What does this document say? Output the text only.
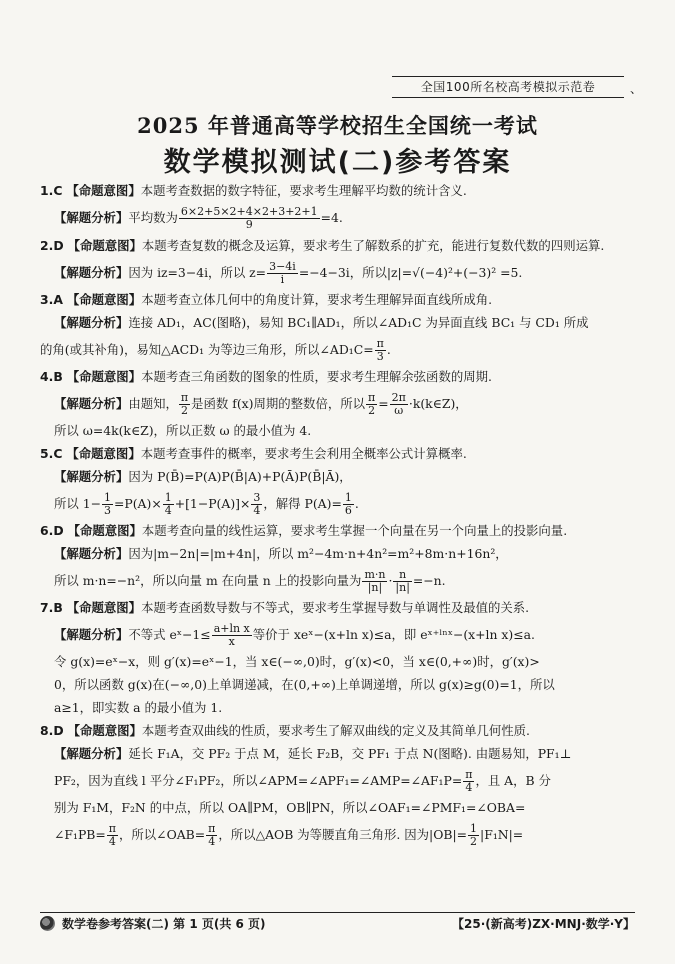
全国100所名校高考模拟示范卷	、
2025 年普通高等学校招生全国统一考试
数学模拟测试(二)参考答案
1.C 【命题意图】本题考查数据的数字特征，要求考生理解平均数的统计含义.
【解题分析】平均数为 $\frac{6\times 2+5\times 2+4\times 2+3+2+1}{9} =4$.
2.D 【命题意图】本题考查复数的概念及运算，要求考生了解数系的扩充，能进行复数代数的四则运算.
【解题分析】因为 iz=3−4i，所以 $z= \frac{3-4i}{i} =-4-3i$，所以|z|=√(−4)²+(−3)² =5.
3.A 【命题意图】本题考查立体几何中的角度计算，要求考生理解异面直线所成角.
【解题分析】连接 AD₁，AC(图略)，易知 BC₁∥AD₁，所以∠AD₁C 为异面直线 BC₁ 与 CD₁ 所成
的角(或其补角)，易知△ACD₁ 为等边三角形，所以∠AD₁C= $\frac{\pi}{3}$ .
4.B 【命题意图】本题考查三角函数的图象的性质，要求考生理解余弦函数的周期.
【解题分析】由题知， $\frac{\pi}{2}$ 是函数 f(x)周期的整数倍，所以 $\frac{\pi}{2} = \frac{2\pi}{\omega}$ ·k(k∈Z)，
所以 ω=4k(k∈Z)，所以正数 ω 的最小值为 4.
5.C 【命题意图】本题考查事件的概率，要求考生会利用全概率公式计算概率.
【解题分析】因为 P(B̄)=P(A)P(B̄|A)+P(Ā)P(B̄|Ā)，
所以 $1- \frac{1}{3} =P(A)\times \frac{1}{4} +[1-P(A)]\times \frac{3}{4}$ ，解得 $P(A)= \frac{1}{6}$ .
6.D 【命题意图】本题考查向量的线性运算，要求考生掌握一个向量在另一个向量上的投影向量.
【解题分析】因为|m−2n|=|m+4n|，所以 m²−4m·n+4n²=m²+8m·n+16n²，
所以 m·n=−n²，所以向量 m 在向量 n 上的投影向量为 $\frac{m\cdot n}{|n|} \cdot \frac{n}{|n|} =-n$.
7.B 【命题意图】本题考查函数导数与不等式，要求考生掌握导数与单调性及最值的关系.
【解题分析】不等式 eˣ−1≤ $\frac{\text{a+ln x}}{x}$ 等价于 xeˣ−(x+ln x)≤a，即 eˣ⁺ˡⁿˣ−(x+ln x)≤a.
令 g(x)=eˣ−x，则 g′(x)=eˣ−1，当 x∈(−∞,0)时，g′(x)<0，当 x∈(0,+∞)时，g′(x)>
0，所以函数 g(x)在(−∞,0)上单调递减，在(0,+∞)上单调递增，所以 g(x)≥g(0)=1，所以
a≥1，即实数 a 的最小值为 1.
8.D 【命题意图】本题考查双曲线的性质，要求考生了解双曲线的定义及其简单几何性质.
【解题分析】延长 F₁A，交 PF₂ 于点 M，延长 F₂B，交 PF₁ 于点 N(图略). 由题易知，PF₁⊥
PF₂，因为直线 l 平分∠F₁PF₂，所以∠APM=∠APF₁=∠AMP=∠AF₁P= $\frac{\pi}{4}$ ，且 A，B 分
别为 F₁M，F₂N 的中点，所以 OA∥PM，OB∥PN，所以∠OAF₁=∠PMF₁=∠OBA=
∠F₁PB= $\frac{\pi}{4}$ ，所以∠OAB= $\frac{\pi}{4}$ ，所以△AOB 为等腰直角三角形. 因为$|OB|= \frac{1}{2} |F_1N|=$
数学卷参考答案(二) 第 1 页(共 6 页)	【25·(新高考)ZX·MNJ·数学·Y】
